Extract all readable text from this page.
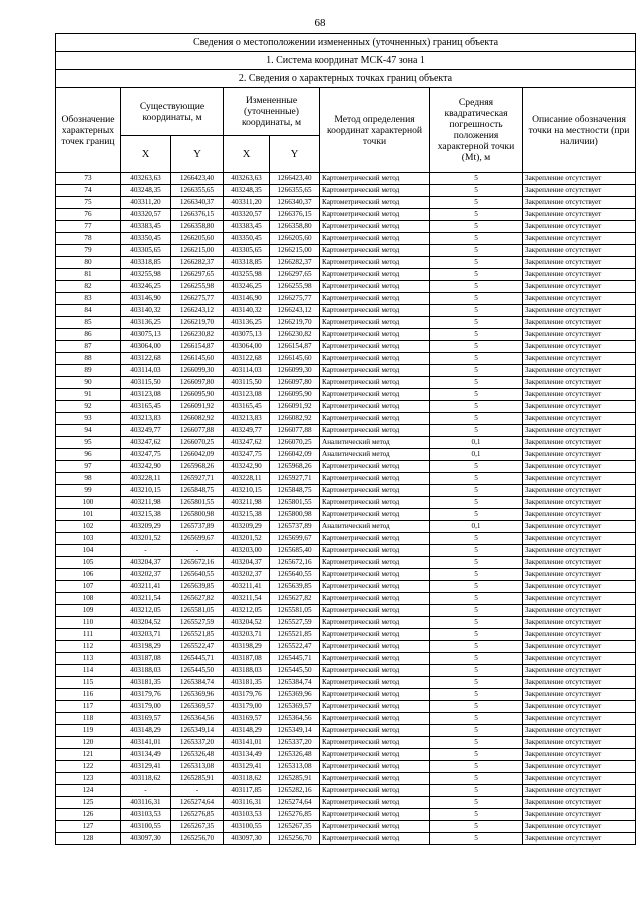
68
Сведения о местоположении измененных (уточненных) границ объекта							
1. Система координат МСК-47 зона 1							
2. Сведения о характерных точках границ объекта							
Обозначение характерных точек границ	Существующие координаты, м		Измененные (уточненные) координаты, м		Метод определения координат характерной точки	Средняя квадратическая погрешность положения характерной точки (Mt), м	Описание обозначения точки на местности (при наличии)
	X	Y	X	Y			
73	403263,63	1266423,40	403263,63	1266423,40	Картометрический метод	5	Закрепление отсутствует
74	403248,35	1266355,65	403248,35	1266355,65	Картометрический метод	5	Закрепление отсутствует
75	403311,20	1266340,37	403311,20	1266340,37	Картометрический метод	5	Закрепление отсутствует
76	403320,57	1266376,15	403320,57	1266376,15	Картометрический метод	5	Закрепление отсутствует
77	403383,45	1266358,80	403383,45	1266358,80	Картометрический метод	5	Закрепление отсутствует
78	403350,45	1266205,60	403350,45	1266205,60	Картометрический метод	5	Закрепление отсутствует
79	403305,65	1266215,00	403305,65	1266215,00	Картометрический метод	5	Закрепление отсутствует
80	403318,85	1266282,37	403318,85	1266282,37	Картометрический метод	5	Закрепление отсутствует
81	403255,98	1266297,65	403255,98	1266297,65	Картометрический метод	5	Закрепление отсутствует
82	403246,25	1266255,98	403246,25	1266255,98	Картометрический метод	5	Закрепление отсутствует
83	403146,90	1266275,77	403146,90	1266275,77	Картометрический метод	5	Закрепление отсутствует
84	403140,32	1266243,12	403140,32	1266243,12	Картометрический метод	5	Закрепление отсутствует
85	403136,25	1266219,70	403136,25	1266219,70	Картометрический метод	5	Закрепление отсутствует
86	403075,13	1266230,82	403075,13	1266230,82	Картометрический метод	5	Закрепление отсутствует
87	403064,00	1266154,87	403064,00	1266154,87	Картометрический метод	5	Закрепление отсутствует
88	403122,68	1266145,60	403122,68	1266145,60	Картометрический метод	5	Закрепление отсутствует
89	403114,03	1266099,30	403114,03	1266099,30	Картометрический метод	5	Закрепление отсутствует
90	403115,50	1266097,80	403115,50	1266097,80	Картометрический метод	5	Закрепление отсутствует
91	403123,08	1266095,90	403123,08	1266095,90	Картометрический метод	5	Закрепление отсутствует
92	403165,45	1266091,92	403165,45	1266091,92	Картометрический метод	5	Закрепление отсутствует
93	403213,83	1266082,92	403213,83	1266082,92	Картометрический метод	5	Закрепление отсутствует
94	403249,77	1266077,88	403249,77	1266077,88	Картометрический метод	5	Закрепление отсутствует
95	403247,62	1266070,25	403247,62	1266070,25	Аналитический метод	0,1	Закрепление отсутствует
96	403247,75	1266042,09	403247,75	1266042,09	Аналитический метод	0,1	Закрепление отсутствует
97	403242,90	1265968,26	403242,90	1265968,26	Картометрический метод	5	Закрепление отсутствует
98	403228,11	1265927,71	403228,11	1265927,71	Картометрический метод	5	Закрепление отсутствует
99	403210,15	1265848,75	403210,15	1265848,75	Картометрический метод	5	Закрепление отсутствует
100	403211,98	1265801,55	403211,98	1265801,55	Картометрический метод	5	Закрепление отсутствует
101	403215,38	1265800,98	403215,38	1265800,98	Картометрический метод	5	Закрепление отсутствует
102	403209,29	1265737,89	403209,29	1265737,89	Аналитический метод	0,1	Закрепление отсутствует
103	403201,52	1265699,67	403201,52	1265699,67	Картометрический метод	5	Закрепление отсутствует
104	-	-	403203,00	1265685,40	Картометрический метод	5	Закрепление отсутствует
105	403204,37	1265672,16	403204,37	1265672,16	Картометрический метод	5	Закрепление отсутствует
106	403202,37	1265640,55	403202,37	1265640,55	Картометрический метод	5	Закрепление отсутствует
107	403211,41	1265639,85	403211,41	1265639,85	Картометрический метод	5	Закрепление отсутствует
108	403211,54	1265627,82	403211,54	1265627,82	Картометрический метод	5	Закрепление отсутствует
109	403212,05	1265581,05	403212,05	1265581,05	Картометрический метод	5	Закрепление отсутствует
110	403204,52	1265527,59	403204,52	1265527,59	Картометрический метод	5	Закрепление отсутствует
111	403203,71	1265521,85	403203,71	1265521,85	Картометрический метод	5	Закрепление отсутствует
112	403198,29	1265522,47	403198,29	1265522,47	Картометрический метод	5	Закрепление отсутствует
113	403187,08	1265445,71	403187,08	1265445,71	Картометрический метод	5	Закрепление отсутствует
114	403188,03	1265445,50	403188,03	1265445,50	Картометрический метод	5	Закрепление отсутствует
115	403181,35	1265384,74	403181,35	1265384,74	Картометрический метод	5	Закрепление отсутствует
116	403179,76	1265369,96	403179,76	1265369,96	Картометрический метод	5	Закрепление отсутствует
117	403179,00	1265369,57	403179,00	1265369,57	Картометрический метод	5	Закрепление отсутствует
118	403169,57	1265364,56	403169,57	1265364,56	Картометрический метод	5	Закрепление отсутствует
119	403148,29	1265349,14	403148,29	1265349,14	Картометрический метод	5	Закрепление отсутствует
120	403141,01	1265337,20	403141,01	1265337,20	Картометрический метод	5	Закрепление отсутствует
121	403134,49	1265326,48	403134,49	1265326,48	Картометрический метод	5	Закрепление отсутствует
122	403129,41	1265313,08	403129,41	1265313,08	Картометрический метод	5	Закрепление отсутствует
123	403118,62	1265285,91	403118,62	1265285,91	Картометрический метод	5	Закрепление отсутствует
124	-	-	403117,85	1265282,16	Картометрический метод	5	Закрепление отсутствует
125	403116,31	1265274,64	403116,31	1265274,64	Картометрический метод	5	Закрепление отсутствует
126	403103,53	1265276,85	403103,53	1265276,85	Картометрический метод	5	Закрепление отсутствует
127	403100,55	1265267,35	403100,55	1265267,35	Картометрический метод	5	Закрепление отсутствует
128	403097,30	1265256,70	403097,30	1265256,70	Картометрический метод	5	Закрепление отсутствует
